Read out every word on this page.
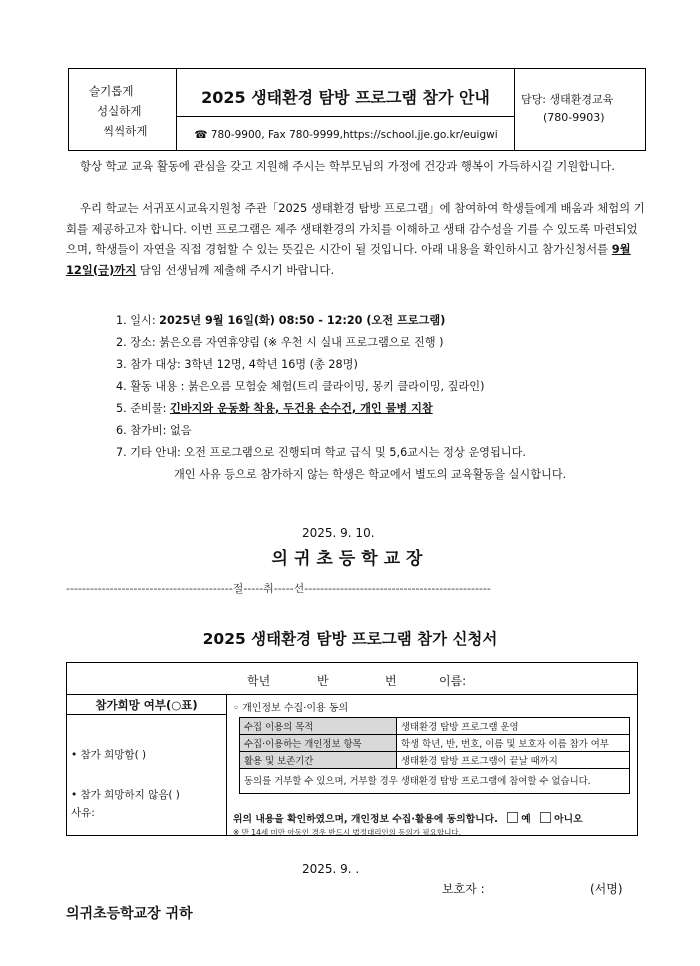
슬기롭게
성실하게
씩씩하게
2025 생태환경 탐방 프로그램 참가 안내
☎ 780-9900, Fax 780-9999,https://school.jje.go.kr/euigwi
담당: 생태환경교육
(780-9903)

항상 학교 교육 활동에 관심을 갖고 지원해 주시는 학부모님의 가정에 건강과 행복이 가득하시길 기원합니다.

우리 학교는 서귀포시교육지원청 주관「2025 생태환경 탐방 프로그램」에 참여하여 학생들에게 배움과 체험의 기회를 제공하고자 합니다. 이번 프로그램은 제주 생태환경의 가치를 이해하고 생태 감수성을 기를 수 있도록 마련되었으며, 학생들이 자연을 직접 경험할 수 있는 뜻깊은 시간이 될 것입니다. 아래 내용을 확인하시고 참가신청서를 9월 12일(금)까지 담임 선생님께 제출해 주시기 바랍니다.

1. 일시: 2025년 9월 16일(화) 08:50 - 12:20 (오전 프로그램)
2. 장소: 붉은오름 자연휴양림 (※ 우천 시 실내 프로그램으로 진행 )
3. 참가 대상: 3학년 12명, 4학년 16명 (총 28명)
4. 활동 내용 : 붉은오름 모험숲 체험(트리 클라이밍, 몽키 클라이밍, 짚라인)
5. 준비물: 긴바지와 운동화 착용, 두건용 손수건, 개인 물병 지참
6. 참가비: 없음
7. 기타 안내: 오전 프로그램으로 진행되며 학교 급식 및 5,6교시는 정상 운영됩니다.
개인 사유 등으로 참가하지 않는 학생은 학교에서 별도의 교육활동을 실시합니다.
2025. 9. 10.
의귀초등학교장
------------------------------------------절-----취-----선-----------------------------------------------
2025 생태환경 탐방 프로그램 참가 신청서
학년	반	번	이름:
참가희망 여부(○표)
• 참가 희망함( )
• 참가 희망하지 않음( )
사유:
◦ 개인정보 수집·이용 동의
수집 이용의 목적	생태환경 탐방 프로그램 운영
수집·이용하는 개인정보 항목	학생 학년, 반, 번호, 이름 및 보호자 이름 참가 여부
활용 및 보존기간	생태환경 탐방 프로그램이 끝날 때까지
동의를 거부할 수 있으며, 거부할 경우 생태환경 탐방 프로그램에 참여할 수 없습니다.	
위의 내용을 확인하였으며, 개인정보 수집·활용에 동의합니다. 예 아니오
※ 만 14세 미만 아동인 경우 반드시 법정대리인의 동의가 필요합니다.
2025. 9. .
보호자 :	(서명)
의귀초등학교장 귀하
